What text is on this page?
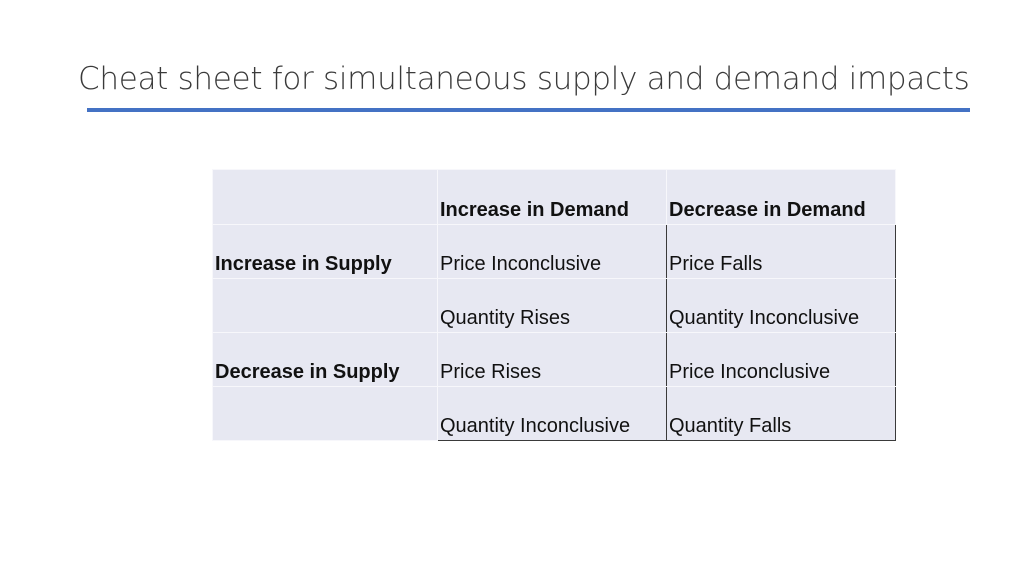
Cheat sheet for simultaneous supply and demand impacts
	Increase in Demand	Decrease in Demand
Increase in Supply	Price Inconclusive	Price Falls
	Quantity Rises	Quantity Inconclusive
Decrease in Supply	Price Rises	Price Inconclusive
	Quantity Inconclusive	Quantity Falls
